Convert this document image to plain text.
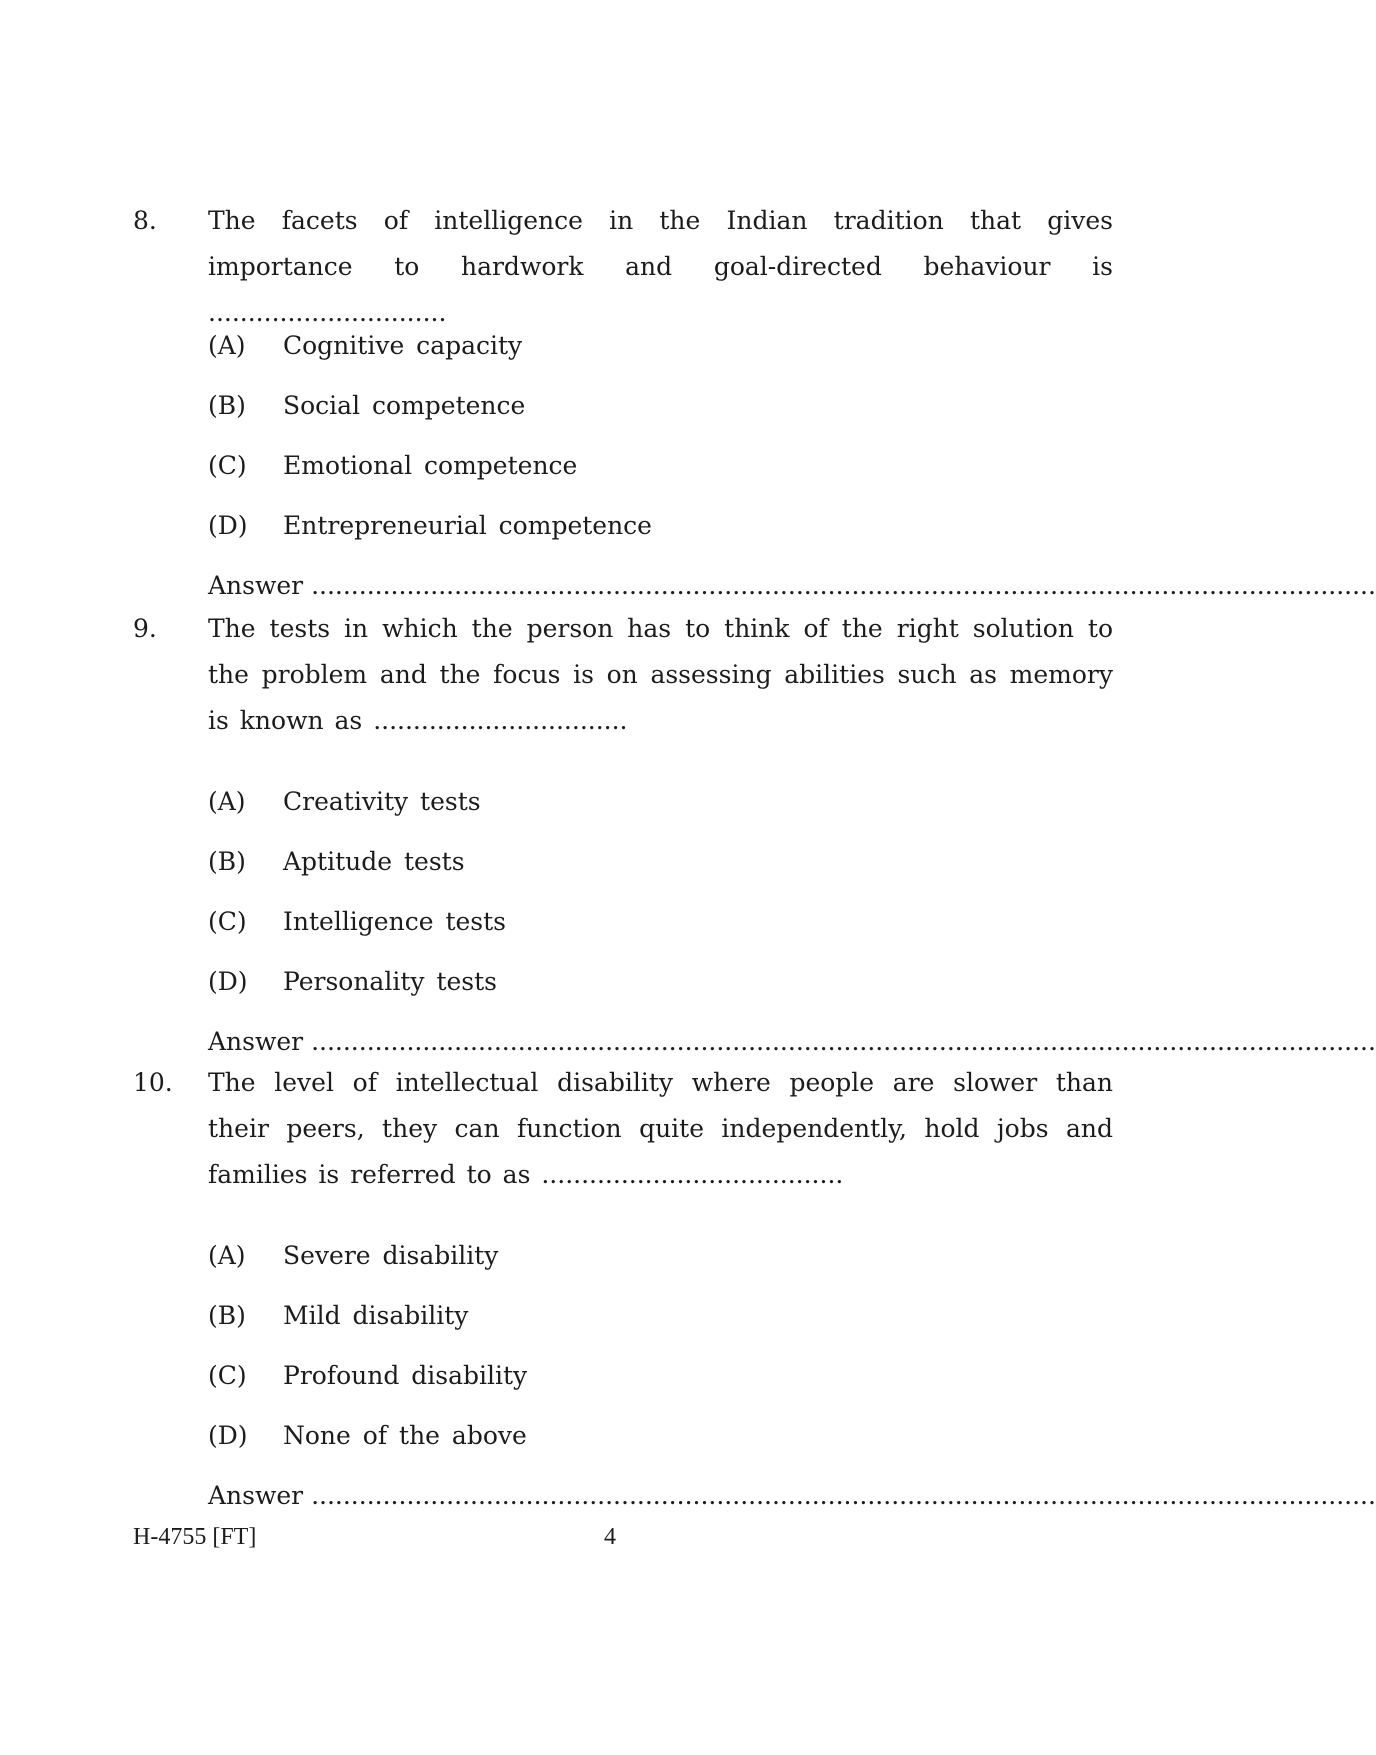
8. The facets of intelligence in the Indian tradition that gives importance to hardwork and goal-directed behaviour is ..............................
(A) Cognitive capacity
(B) Social competence
(C) Emotional competence
(D) Entrepreneurial competence
Answer ......................................................................................................................................
9. The tests in which the person has to think of the right solution to the problem and the focus is on assessing abilities such as memory is known as ................................
(A) Creativity tests
(B) Aptitude tests
(C) Intelligence tests
(D) Personality tests
Answer ......................................................................................................................................
10. The level of intellectual disability where people are slower than their peers, they can function quite independently, hold jobs and families is referred to as ......................................
(A) Severe disability
(B) Mild disability
(C) Profound disability
(D) None of the above
Answer ......................................................................................................................................
H-4755 [FT]	4
